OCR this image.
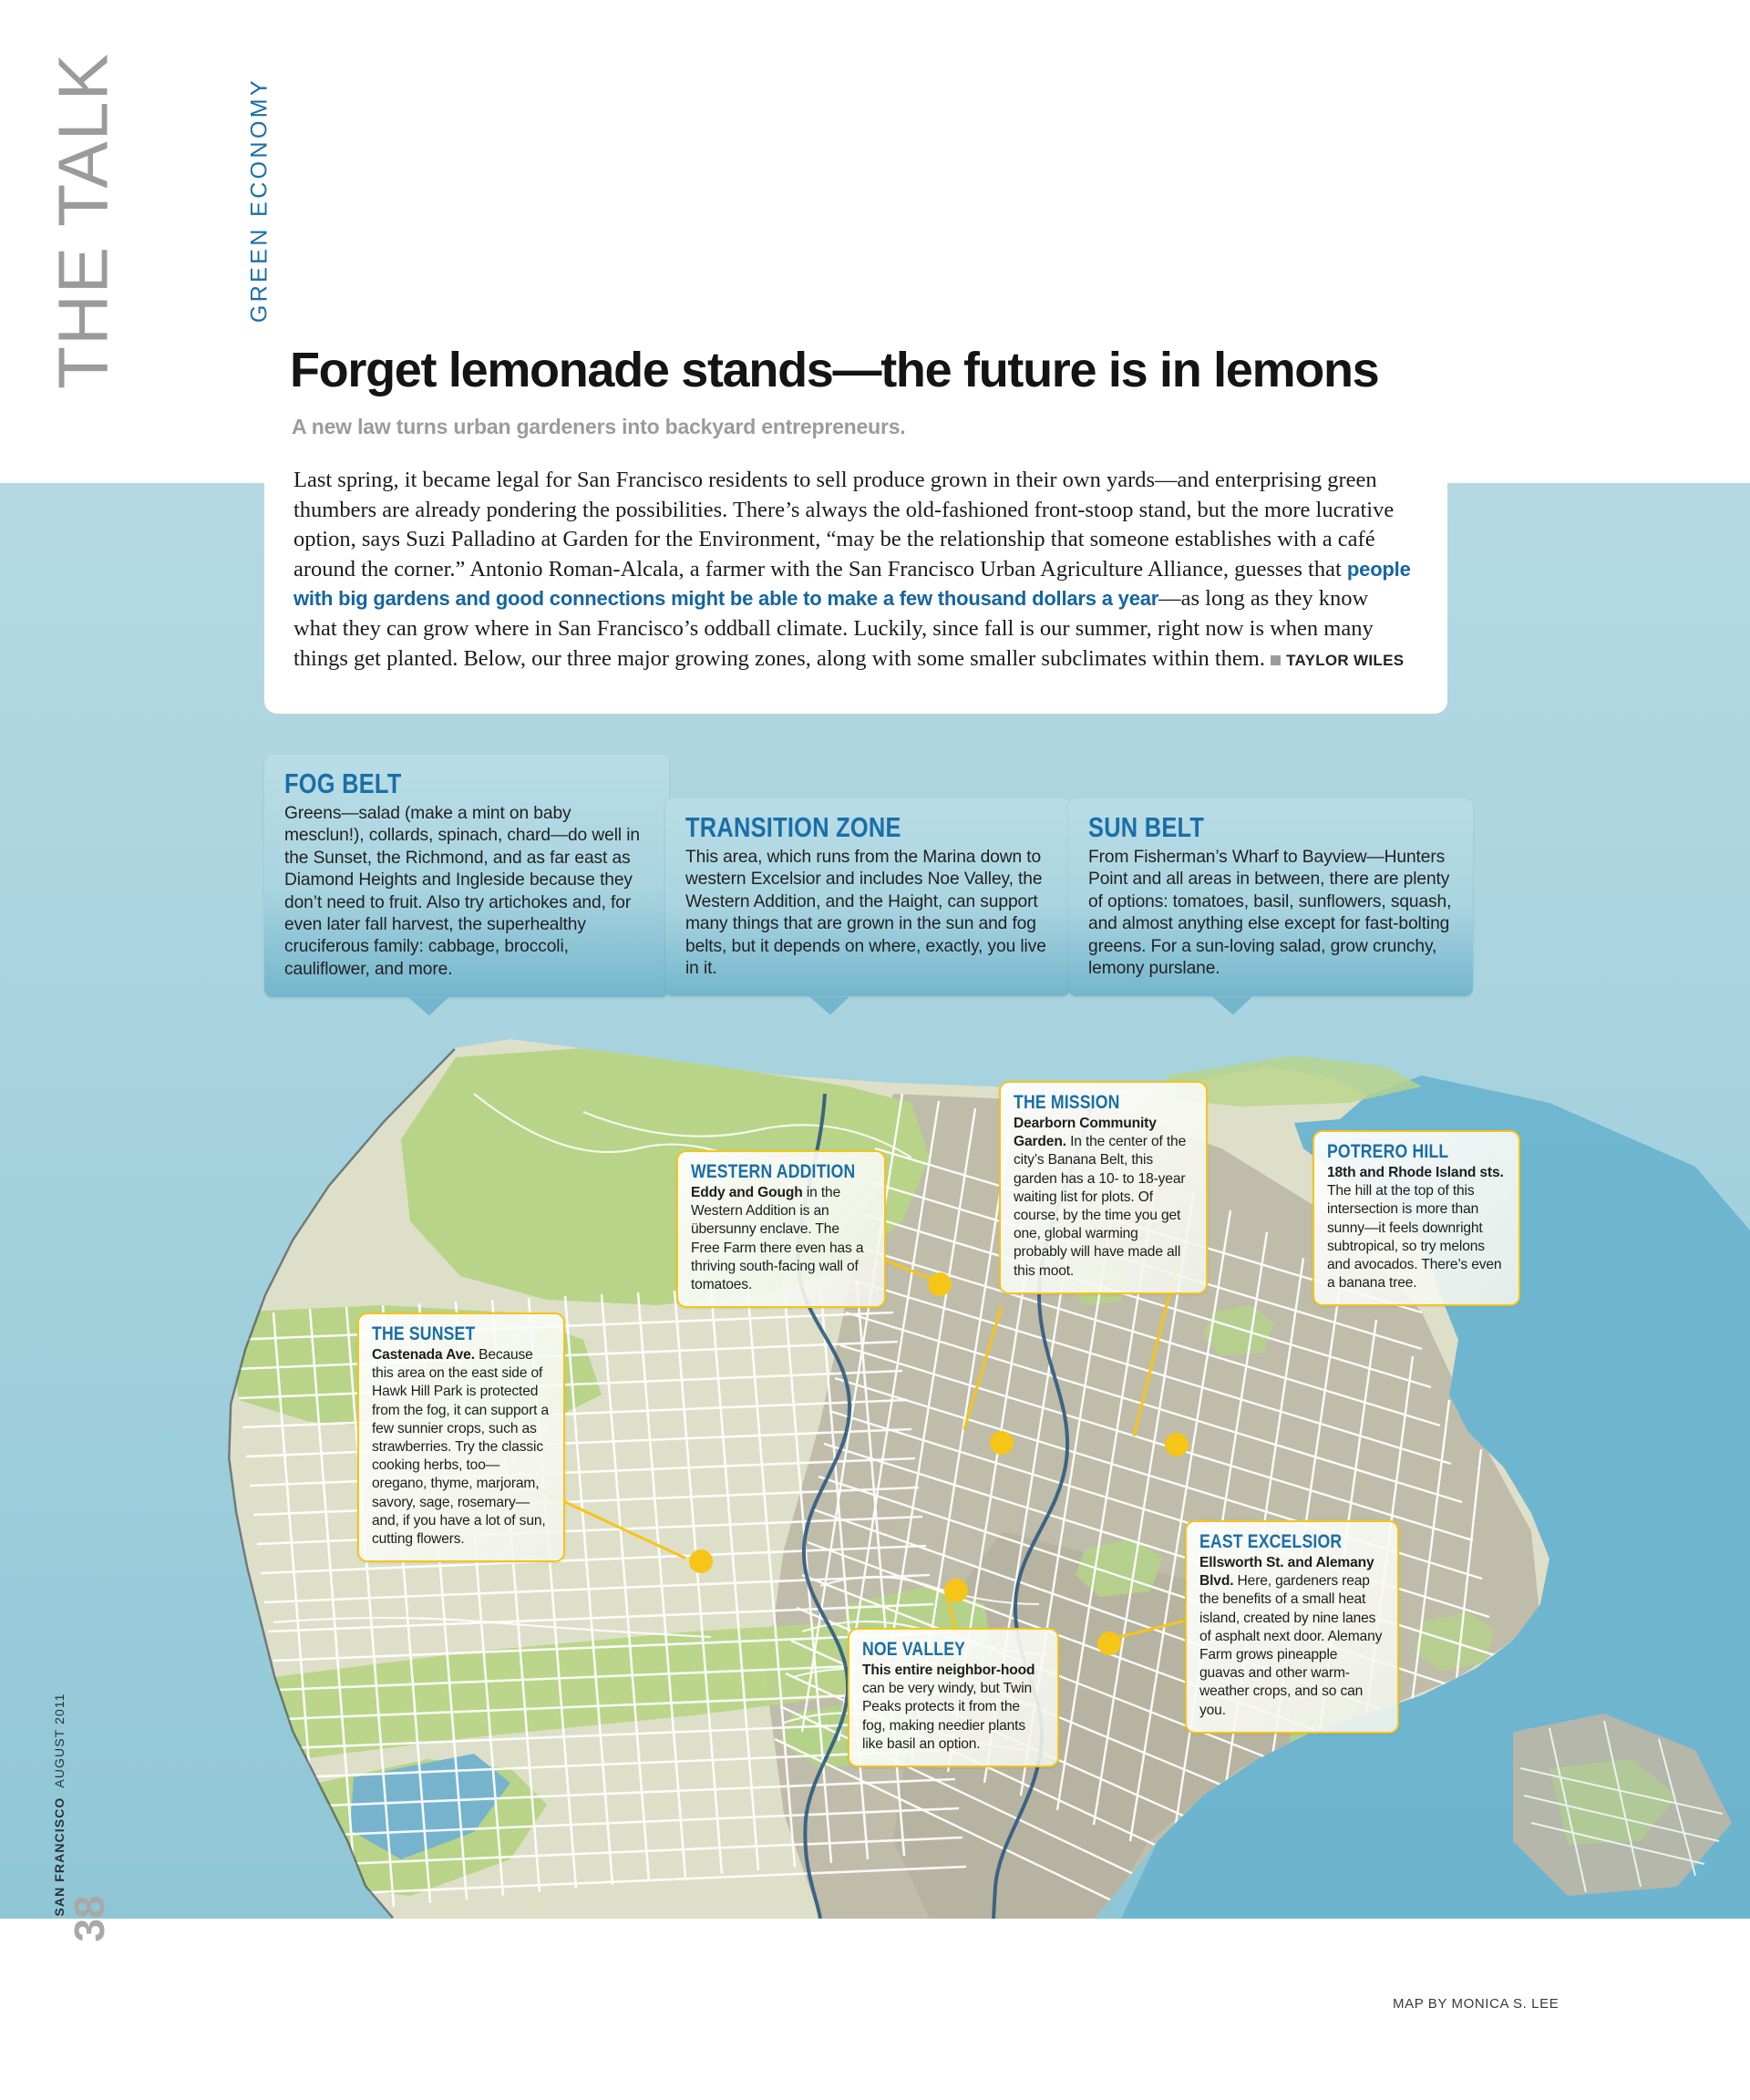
THE TALK	GREEN ECONOMY
SAN FRANCISCO  AUGUST 2011
38
Forget lemonade stands—the future is in lemons
A new law turns urban gardeners into backyard entrepreneurs.
Last spring, it became legal for San Francisco residents to sell produce grown in their own yards—and enterprising green thumbers are already pondering the possibilities. There’s always the old-fashioned front-stoop stand, but the more lucrative option, says Suzi Palladino at Garden for the Environment, “may be the relationship that someone establishes with a café around the corner.” Antonio Roman-Alcala, a farmer with the San Francisco Urban Agriculture Alliance, guesses that people with big gardens and good connections might be able to make a few thousand dollars a year—as long as they know what they can grow where in San Francisco’s oddball climate. Luckily, since fall is our summer, right now is when many things get planted. Below, our three major growing zones, along with some smaller subclimates within them. TAYLOR WILES
FOG BELT
Greens—salad (make a mint on baby mesclun!), collards, spinach, chard—do well in the Sunset, the Richmond, and as far east as Diamond Heights and Ingleside because they don’t need to fruit. Also try artichokes and, for even later fall harvest, the superhealthy cruciferous family: cabbage, broccoli, cauliflower, and more.
TRANSITION ZONE
This area, which runs from the Marina down to western Excelsior and includes Noe Valley, the Western Addition, and the Haight, can support many things that are grown in the sun and fog belts, but it depends on where, exactly, you live in it.
SUN BELT
From Fisherman’s Wharf to Bayview—Hunters Point and all areas in between, there are plenty of options: tomatoes, basil, sunflowers, squash, and almost anything else except for fast-bolting greens. For a sun-loving salad, grow crunchy, lemony purslane.
THE SUNSET
Castenada Ave. Because this area on the east side of Hawk Hill Park is protected from the fog, it can support a few sunnier crops, such as strawberries. Try the classic cooking herbs, too—oregano, thyme, marjoram, savory, sage, rosemary—and, if you have a lot of sun, cutting flowers.
WESTERN ADDITION
Eddy and Gough in the Western Addition is an übersunny enclave. The Free Farm there even has a thriving south-facing wall of tomatoes.
THE MISSION
Dearborn Community Garden. In the center of the city’s Banana Belt, this garden has a 10- to 18-year waiting list for plots. Of course, by the time you get one, global warming probably will have made all this moot.
POTRERO HILL
18th and Rhode Island sts. The hill at the top of this intersection is more than sunny—it feels downright subtropical, so try melons and avocados. There’s even a banana tree.
NOE VALLEY
This entire neighbor-hood can be very windy, but Twin Peaks protects it from the fog, making needier plants like basil an option.
EAST EXCELSIOR
Ellsworth St. and Alemany Blvd. Here, gardeners reap the benefits of a small heat island, created by nine lanes of asphalt next door. Alemany Farm grows pineapple guavas and other warm-weather crops, and so can you.
MAP BY MONICA S. LEE
